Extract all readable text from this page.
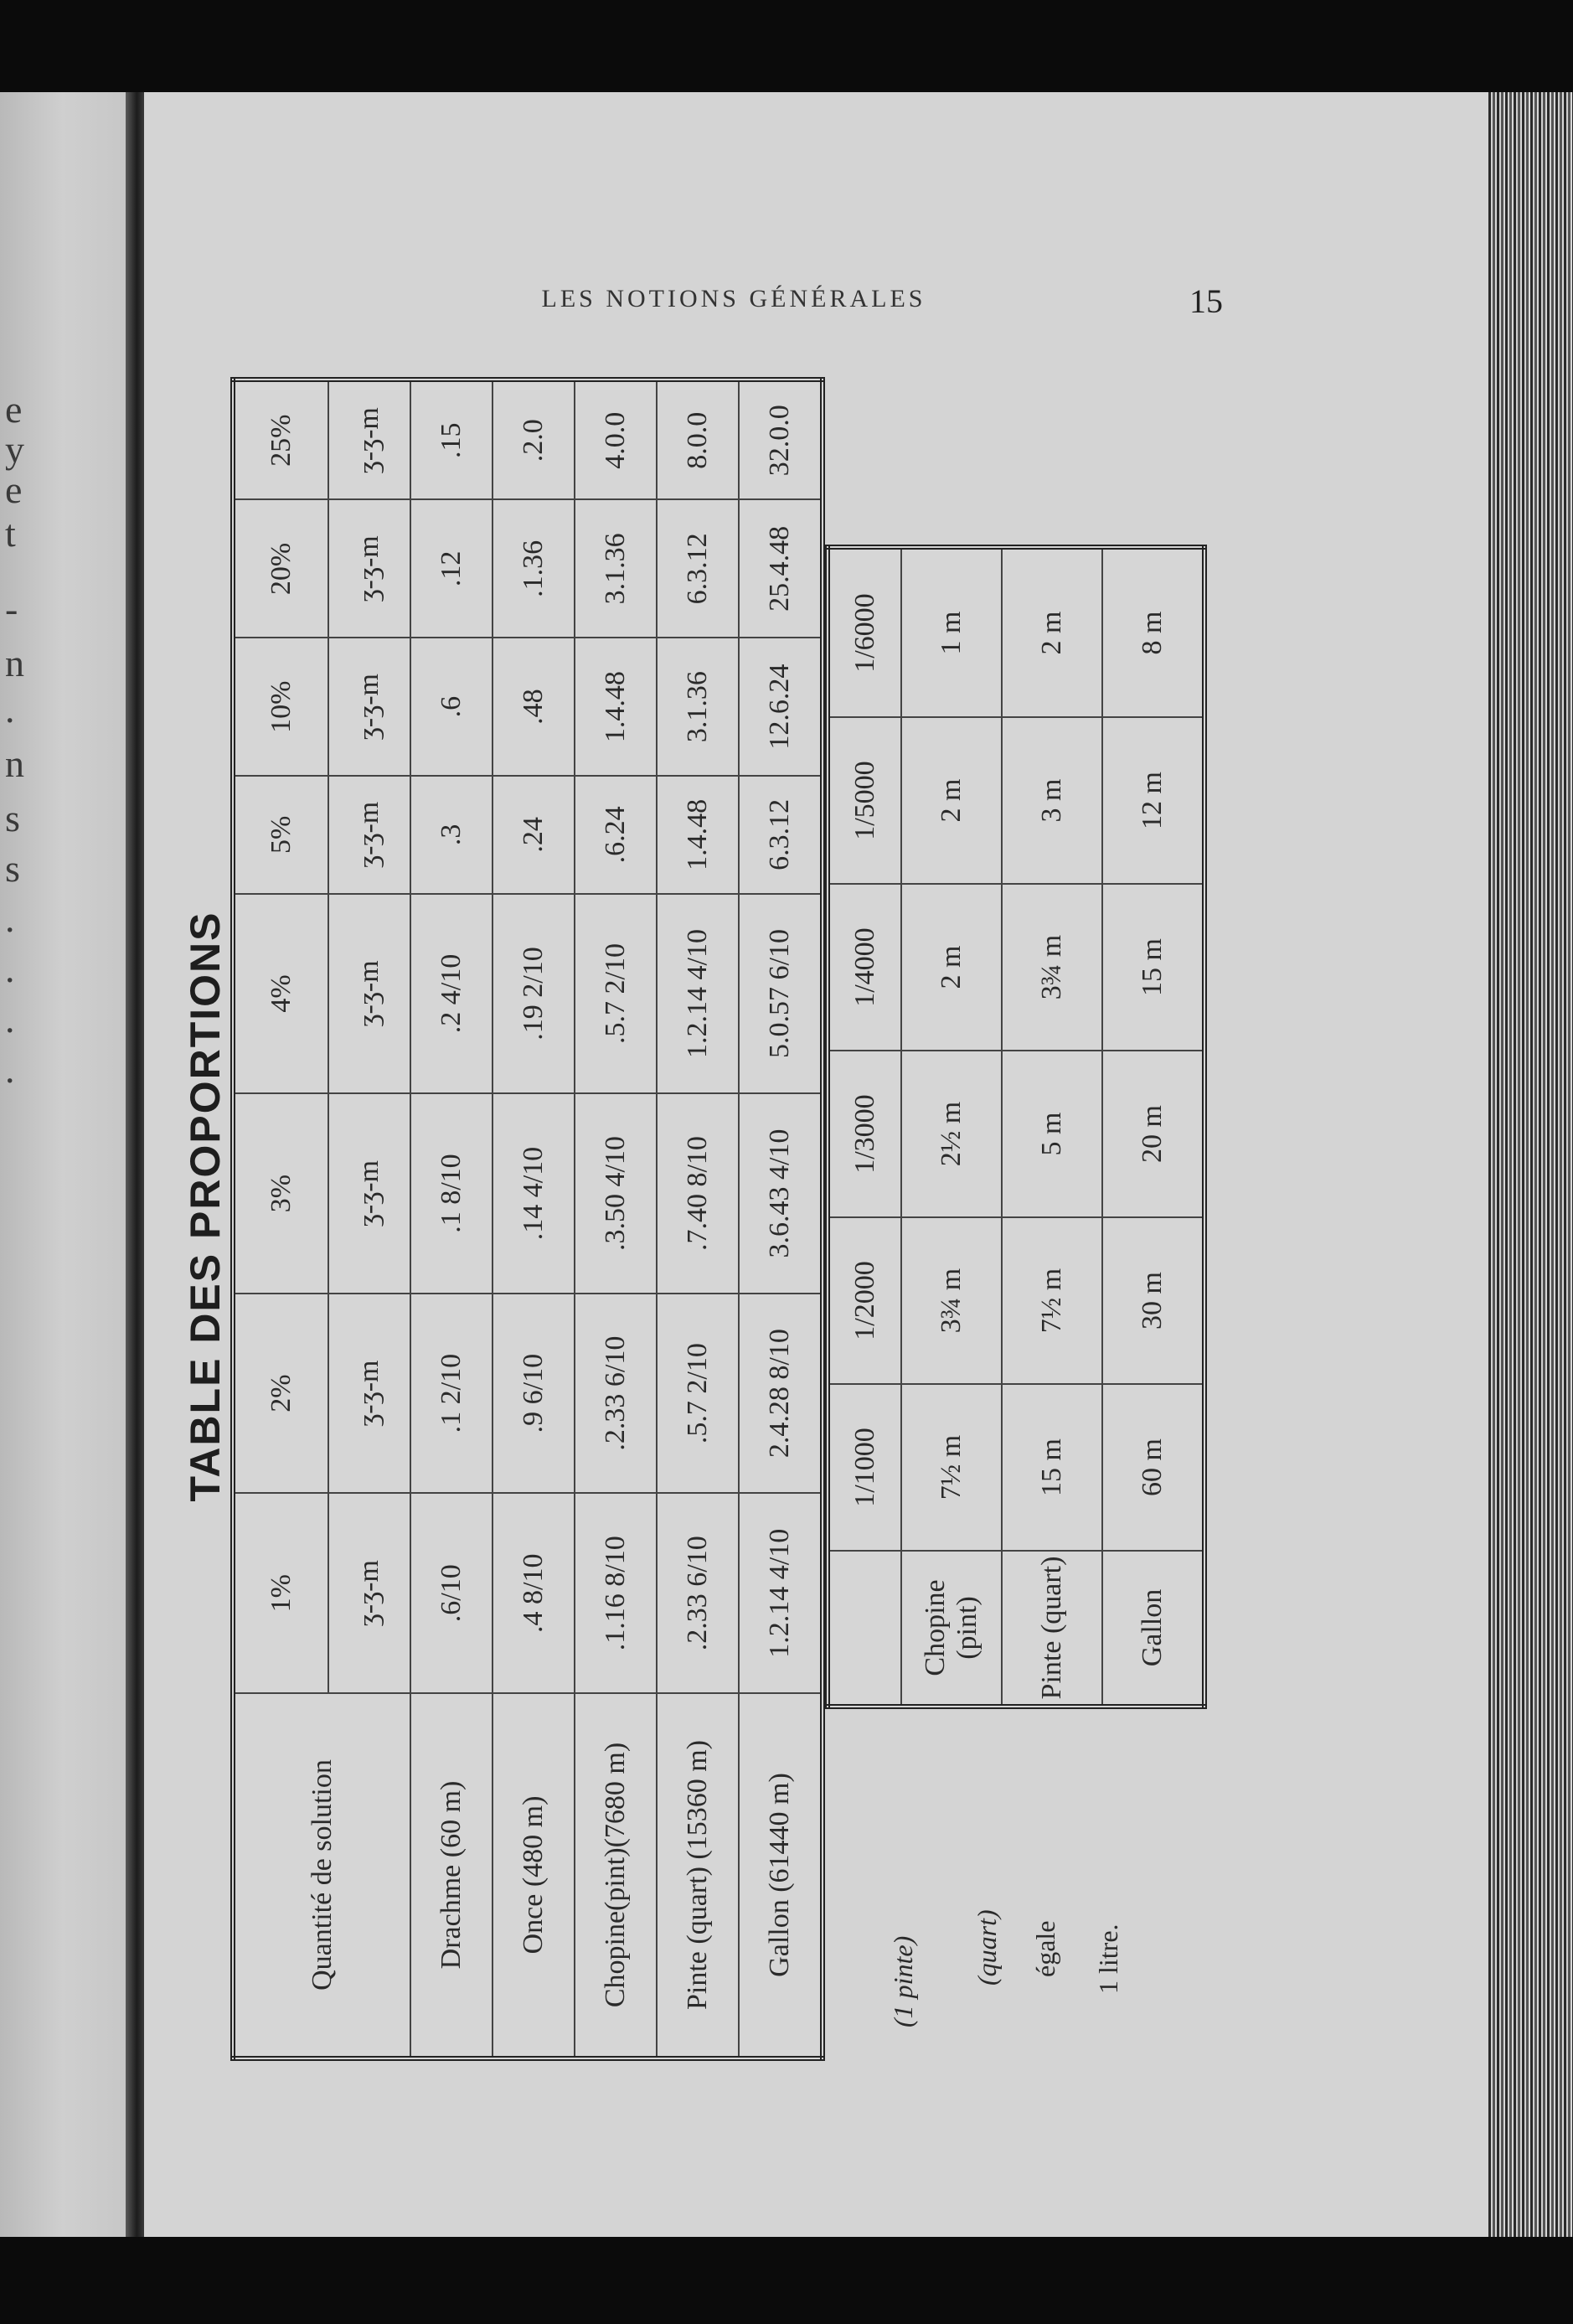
e
y
e
t
-
n
.
n
s
s
.
.
.
.
LES NOTIONS GÉNÉRALES	15
TABLE DES PROPORTIONS
Quantité de solution	1%	2%	3%	4%	5%	10%	20%	25%
	ʒ-ʒ-m	ʒ-ʒ-m	ʒ-ʒ-m	ʒ-ʒ-m	ʒ-ʒ-m	ʒ-ʒ-m	ʒ-ʒ-m	ʒ-ʒ-m
Drachme (60 m)	.6/10	.1 2/10	.1 8/10	.2 4/10	.3	.6	.12	.15
Once (480 m)	.4 8/10	.9 6/10	.14 4/10	.19 2/10	.24	.48	.1.36	.2.0
Chopine(pint)(7680 m)	.1.16 8/10	.2.33 6/10	.3.50 4/10	.5.7 2/10	.6.24	1.4.48	3.1.36	4.0.0
Pinte (quart) (15360 m)	.2.33 6/10	.5.7 2/10	.7.40 8/10	1.2.14 4/10	1.4.48	3.1.36	6.3.12	8.0.0
Gallon (61440 m)	1.2.14 4/10	2.4.28 8/10	3.6.43 4/10	5.0.57 6/10	6.3.12	12.6.24	25.4.48	32.0.0
	1/1000	1/2000	1/3000	1/4000	1/5000	1/6000
Chopine (pint)	7½ m	3¾ m	2½ m	2 m	2 m	1 m
Pinte (quart)	15 m	7½ m	5 m	3¾ m	3 m	2 m
Gallon	60 m	30 m	20 m	15 m	12 m	8 m
(1 pinte) (quart) égale 1 litre.
